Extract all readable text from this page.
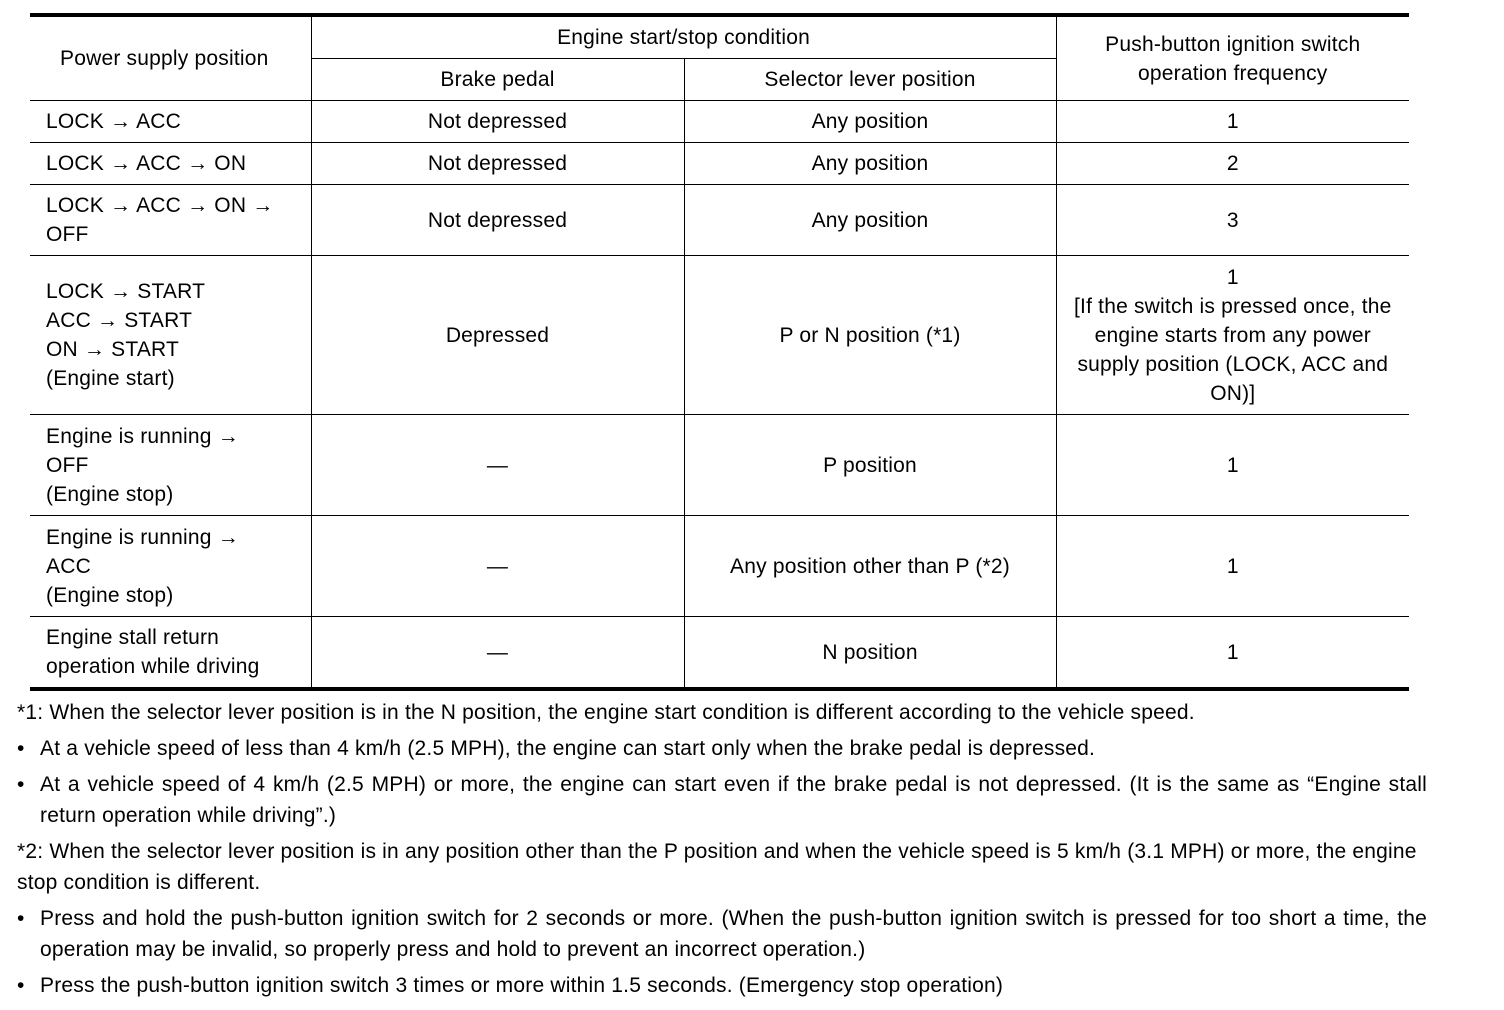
Power supply position	Engine start/stop condition		Push-button ignition switch operation frequency
	Brake pedal	Selector lever position	

LOCK → ACC	Not depressed	Any position	1

LOCK → ACC → ON	Not depressed	Any position	2

LOCK → ACC → ON →
OFF	Not depressed	Any position	3

LOCK → START
ACC → START
ON → START
(Engine start)	Depressed	P or N position (*1)	1
[If the switch is pressed once, the engine starts from any power supply position (LOCK, ACC and ON)]

Engine is running →
OFF
(Engine stop)	—	P position	1

Engine is running →
ACC
(Engine stop)	—	Any position other than P (*2)	1

Engine stall return operation while driving	—	N position	1

*1: When the selector lever position is in the N position, the engine start condition is different according to the vehicle speed.

• At a vehicle speed of less than 4 km/h (2.5 MPH), the engine can start only when the brake pedal is depressed.
• At a vehicle speed of 4 km/h (2.5 MPH) or more, the engine can start even if the brake pedal is not depressed. (It is the same as “Engine stall return operation while driving”.)

*2: When the selector lever position is in any position other than the P position and when the vehicle speed is 5 km/h (3.1 MPH) or more, the engine stop condition is different.

• Press and hold the push-button ignition switch for 2 seconds or more. (When the push-button ignition switch is pressed for too short a time, the operation may be invalid, so properly press and hold to prevent an incorrect operation.)
• Press the push-button ignition switch 3 times or more within 1.5 seconds. (Emergency stop operation)
